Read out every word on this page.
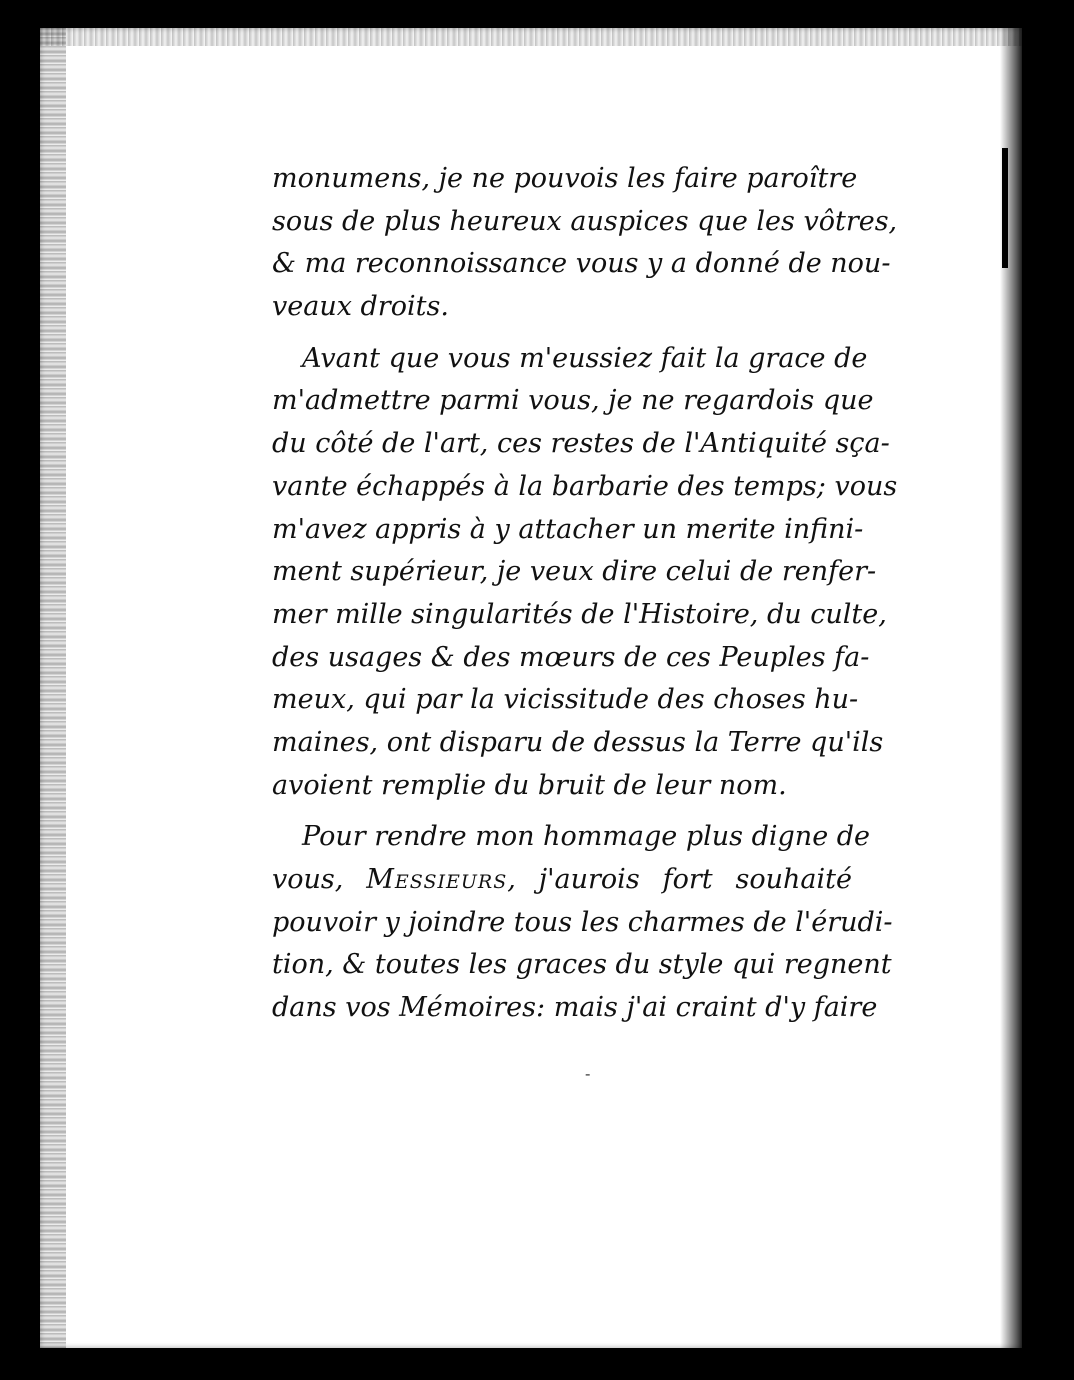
monumens, je ne pouvois les faire paroître
sous de plus heureux auspices que les vôtres,
& ma reconnoissance vous y a donné de nou-
veaux droits.
Avant que vous m'eussiez fait la grace de
m'admettre parmi vous, je ne regardois que
du côté de l'art, ces restes de l'Antiquité sça-
vante échappés à la barbarie des temps; vous
m'avez appris à y attacher un merite infini-
ment supérieur, je veux dire celui de renfer-
mer mille singularités de l'Histoire, du culte,
des usages & des mœurs de ces Peuples fa-
meux, qui par la vicissitude des choses hu-
maines, ont disparu de dessus la Terre qu'ils
avoient remplie du bruit de leur nom.
Pour rendre mon hommage plus digne de
vous, Messieurs, j'aurois fort souhaité
pouvoir y joindre tous les charmes de l'érudi-
tion, & toutes les graces du style qui regnent
dans vos Mémoires: mais j'ai craint d'y faire
-
